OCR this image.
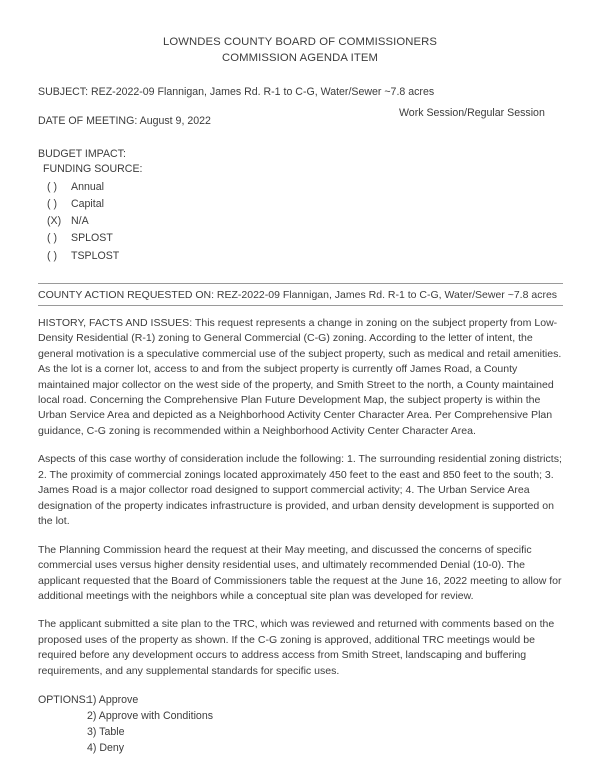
LOWNDES COUNTY BOARD OF COMMISSIONERS
COMMISSION AGENDA ITEM
SUBJECT: REZ-2022-09 Flannigan, James Rd. R-1 to C-G, Water/Sewer ~7.8 acres
DATE OF MEETING: August 9, 2022
Work Session/Regular Session
BUDGET IMPACT:
FUNDING SOURCE:
( )	Annual
( )	Capital
(X) N/A
( )	SPLOST
( )	TSPLOST
COUNTY ACTION REQUESTED ON: REZ-2022-09 Flannigan, James Rd. R-1 to C-G, Water/Sewer ~7.8 acres

HISTORY, FACTS AND ISSUES: This request represents a change in zoning on the subject property from Low-Density Residential (R-1) zoning to General Commercial (C-G) zoning. According to the letter of intent, the general motivation is a speculative commercial use of the subject property, such as medical and retail amenities. As the lot is a corner lot, access to and from the subject property is currently off James Road, a County maintained major collector on the west side of the property, and Smith Street to the north, a County maintained local road. Concerning the Comprehensive Plan Future Development Map, the subject property is within the Urban Service Area and depicted as a Neighborhood Activity Center Character Area. Per Comprehensive Plan guidance, C-G zoning is recommended within a Neighborhood Activity Center Character Area.

Aspects of this case worthy of consideration include the following: 1. The surrounding residential zoning districts; 2. The proximity of commercial zonings located approximately 450 feet to the east and 850 feet to the south; 3. James Road is a major collector road designed to support commercial activity; 4. The Urban Service Area designation of the property indicates infrastructure is provided, and urban density development is supported on the lot.

The Planning Commission heard the request at their May meeting, and discussed the concerns of specific commercial uses versus higher density residential uses, and ultimately recommended Denial (10-0). The applicant requested that the Board of Commissioners table the request at the June 16, 2022 meeting to allow for additional meetings with the neighbors while a conceptual site plan was developed for review.

The applicant submitted a site plan to the TRC, which was reviewed and returned with comments based on the proposed uses of the property as shown. If the C-G zoning is approved, additional TRC meetings would be required before any development occurs to address access from Smith Street, landscaping and buffering requirements, and any supplemental standards for specific uses.

OPTIONS:
1) Approve
2) Approve with Conditions
3) Table
4) Deny
